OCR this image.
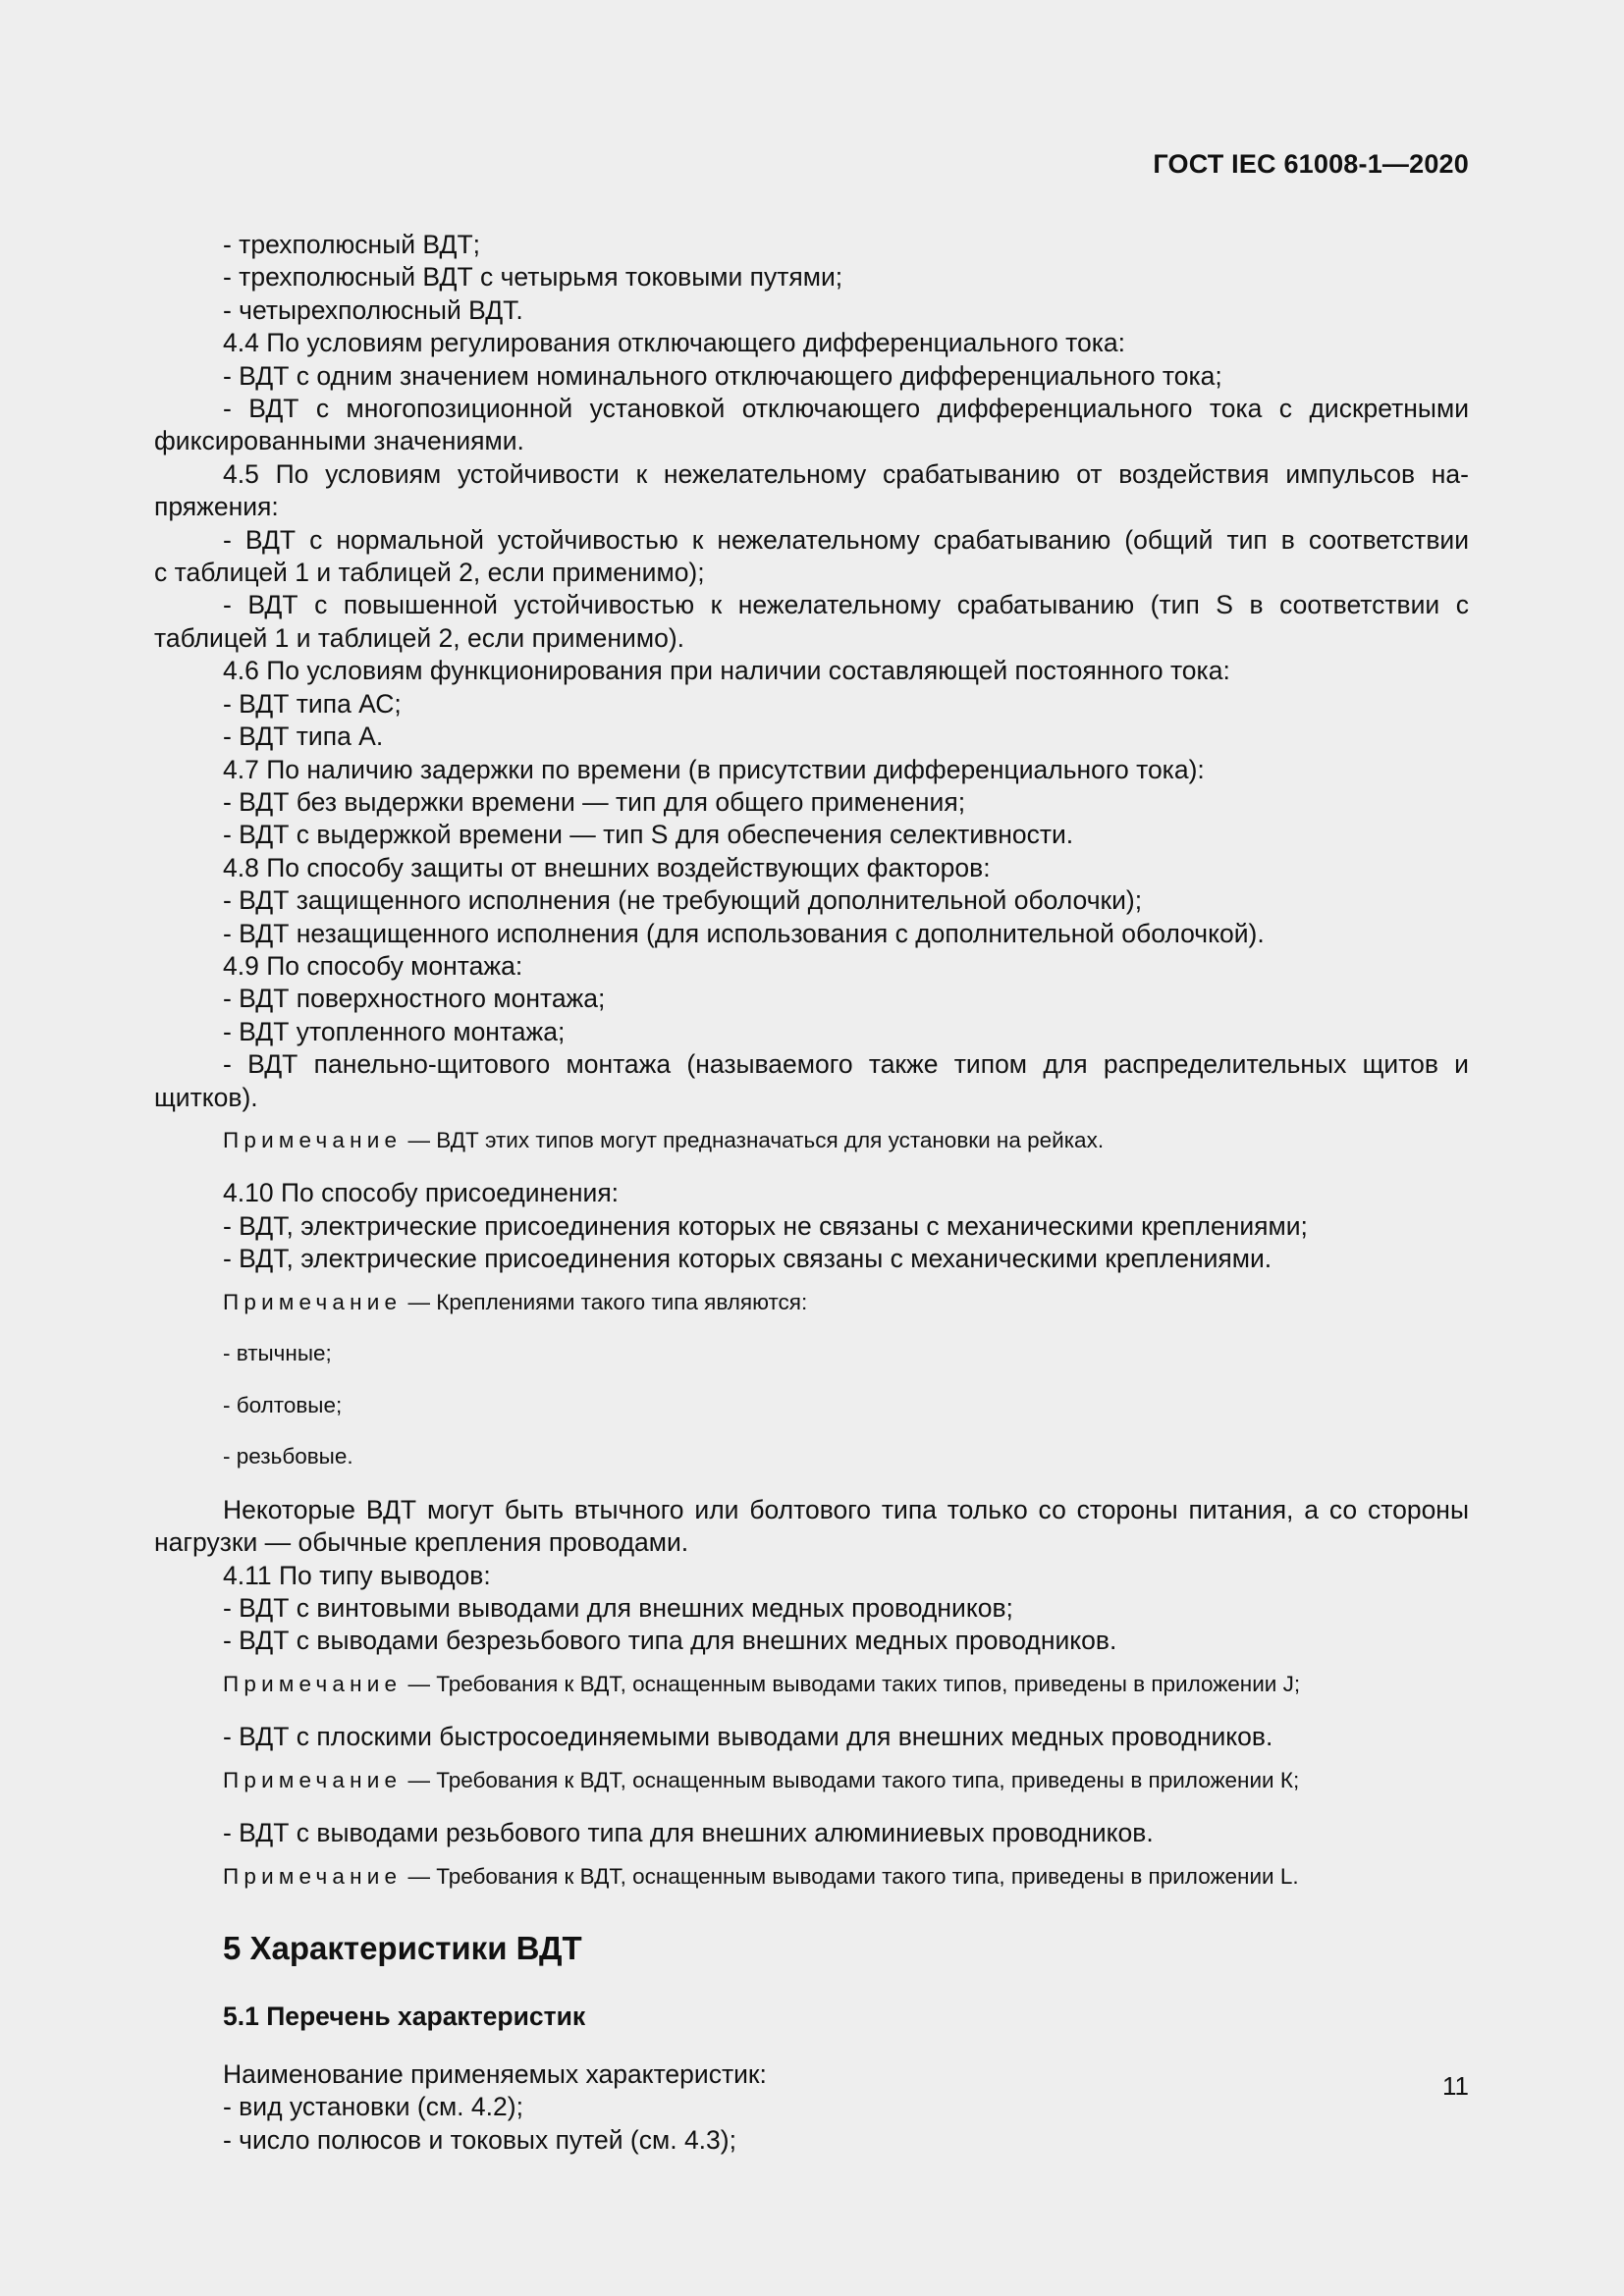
ГОСТ IEC 61008-1—2020

- трехполюсный ВДТ;

- трехполюсный ВДТ с четырьмя токовыми путями;

- четырехполюсный ВДТ.

4.4 По условиям регулирования отключающего дифференциального тока:

- ВДТ с одним значением номинального отключающего дифференциального тока;

- ВДТ с многопозиционной установкой отключающего дифференциального тока с дискретными

фиксированными значениями.

4.5 По условиям устойчивости к нежелательному срабатыванию от воздействия импульсов на-

пряжения:

- ВДТ с нормальной устойчивостью к нежелательному срабатыванию (общий тип в соответствии

с таблицей 1 и таблицей 2, если применимо);

- ВДТ с повышенной устойчивостью к нежелательному срабатыванию (тип S в соответствии с

таблицей 1 и таблицей 2, если применимо).

4.6 По условиям функционирования при наличии составляющей постоянного тока:

- ВДТ типа АС;

- ВДТ типа А.

4.7 По наличию задержки по времени (в присутствии дифференциального тока):

- ВДТ без выдержки времени — тип для общего применения;

- ВДТ с выдержкой времени — тип S для обеспечения селективности.

4.8 По способу защиты от внешних воздействующих факторов:

- ВДТ защищенного исполнения (не требующий дополнительной оболочки);

- ВДТ незащищенного исполнения (для использования с дополнительной оболочкой).

4.9 По способу монтажа:

- ВДТ поверхностного монтажа;

- ВДТ утопленного монтажа;

- ВДТ панельно-щитового монтажа (называемого также типом для распределительных щитов и

щитков).

Примечание — ВДТ этих типов могут предназначаться для установки на рейках.

4.10 По способу присоединения:

- ВДТ, электрические присоединения которых не связаны с механическими креплениями;

- ВДТ, электрические присоединения которых связаны с механическими креплениями.

Примечание — Креплениями такого типа являются:

- втычные;

- болтовые;

- резьбовые.

Некоторые ВДТ могут быть втычного или болтового типа только со стороны питания, а со стороны

нагрузки — обычные крепления проводами.

4.11 По типу выводов:

- ВДТ с винтовыми выводами для внешних медных проводников;

- ВДТ с выводами безрезьбового типа для внешних медных проводников.

Примечание — Требования к ВДТ, оснащенным выводами таких типов, приведены в приложении J;

- ВДТ с плоскими быстросоединяемыми выводами для внешних медных проводников.

Примечание — Требования к ВДТ, оснащенным выводами такого типа, приведены в приложении К;

- ВДТ с выводами резьбового типа для внешних алюминиевых проводников.

Примечание — Требования к ВДТ, оснащенным выводами такого типа, приведены в приложении L.

5 Характеристики ВДТ

5.1 Перечень характеристик

Наименование применяемых характеристик:

- вид установки (см. 4.2);

- число полюсов и токовых путей (см. 4.3);

11
